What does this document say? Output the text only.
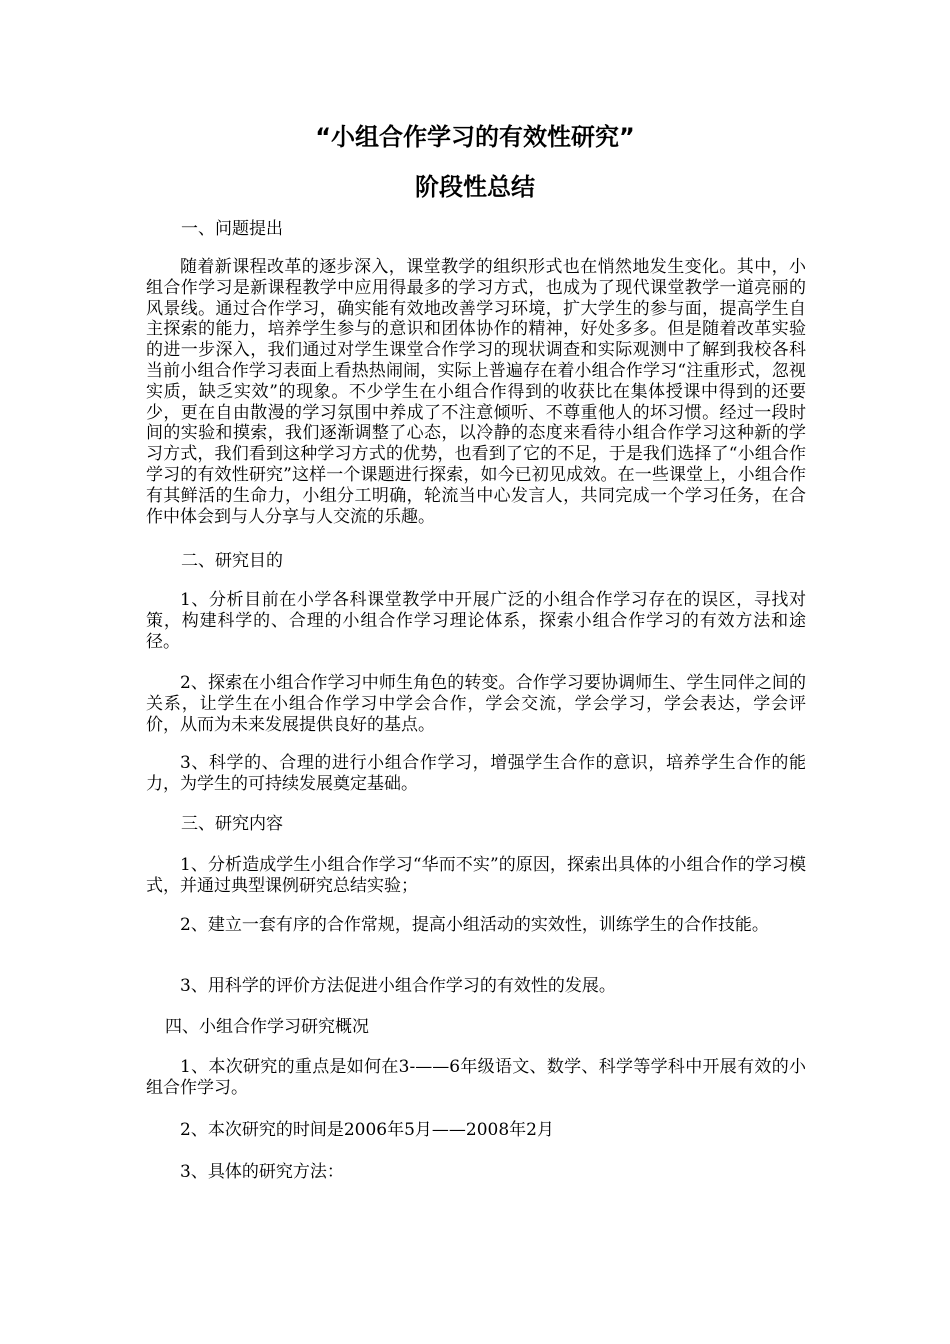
“小组合作学习的有效性研究”
阶段性总结
一、问题提出

随着新课程改革的逐步深入，课堂教学的组织形式也在悄然地发生变化。其中，小组合作学习是新课程教学中应用得最多的学习方式，也成为了现代课堂教学一道亮丽的风景线。通过合作学习，确实能有效地改善学习环境，扩大学生的参与面，提高学生自主探索的能力，培养学生参与的意识和团体协作的精神，好处多多。但是随着改革实验的进一步深入，我们通过对学生课堂合作学习的现状调查和实际观测中了解到我校各科当前小组合作学习表面上看热热闹闹，实际上普遍存在着小组合作学习“注重形式，忽视实质，缺乏实效”的现象。不少学生在小组合作得到的收获比在集体授课中得到的还要少，更在自由散漫的学习氛围中养成了不注意倾听、不尊重他人的坏习惯。经过一段时间的实验和摸索，我们逐渐调整了心态，以冷静的态度来看待小组合作学习这种新的学习方式，我们看到这种学习方式的优势，也看到了它的不足，于是我们选择了“小组合作学习的有效性研究”这样一个课题进行探索，如今已初见成效。在一些课堂上，小组合作有其鲜活的生命力，小组分工明确，轮流当中心发言人，共同完成一个学习任务，在合作中体会到与人分享与人交流的乐趣。

二、研究目的

1、分析目前在小学各科课堂教学中开展广泛的小组合作学习存在的误区，寻找对策，构建科学的、合理的小组合作学习理论体系，探索小组合作学习的有效方法和途径。

2、探索在小组合作学习中师生角色的转变。合作学习要协调师生、学生同伴之间的关系，让学生在小组合作学习中学会合作，学会交流，学会学习，学会表达，学会评价，从而为未来发展提供良好的基点。

3、科学的、合理的进行小组合作学习，增强学生合作的意识，培养学生合作的能力，为学生的可持续发展奠定基础。

三、研究内容

1、分析造成学生小组合作学习“华而不实”的原因，探索出具体的小组合作的学习模式，并通过典型课例研究总结实验；

2、建立一套有序的合作常规，提高小组活动的实效性，训练学生的合作技能。

3、用科学的评价方法促进小组合作学习的有效性的发展。

四、小组合作学习研究概况

1、本次研究的重点是如何在3-——6年级语文、数学、科学等学科中开展有效的小组合作学习。

2、本次研究的时间是2006年5月——2008年2月

3、具体的研究方法：
